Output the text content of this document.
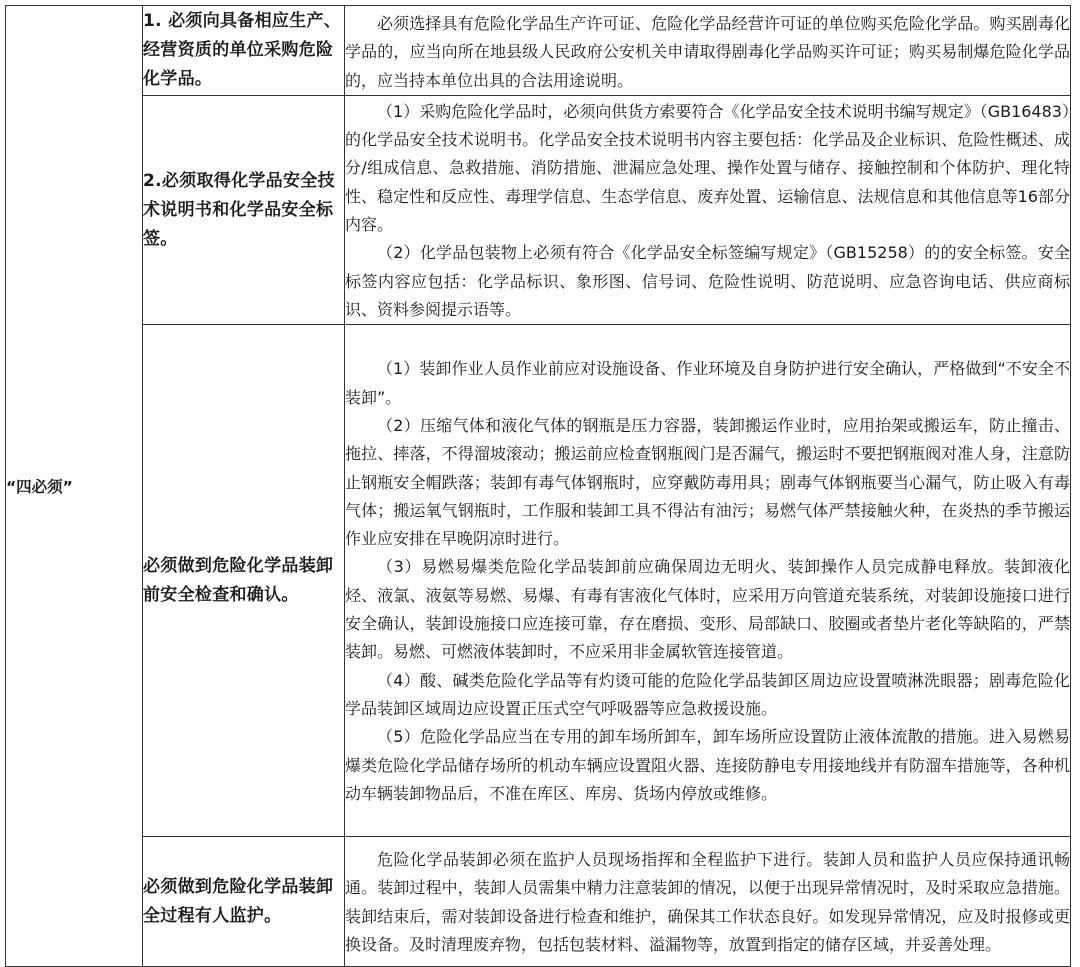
“四必须”	1. 必须向具备相应生产、经营资质的单位采购危险化学品。	必须选择具有危险化学品生产许可证、危险化学品经营许可证的单位购买危险化学品。购买剧毒化学品的，应当向所在地县级人民政府公安机关申请取得剧毒化学品购买许可证；购买易制爆危险化学品的，应当持本单位出具的合法用途说明。

	2.必须取得化学品安全技术说明书和化学品安全标签。	（1）采购危险化学品时，必须向供货方索要符合《化学品安全技术说明书编写规定》（GB16483）的化学品安全技术说明书。化学品安全技术说明书内容主要包括：化学品及企业标识、危险性概述、成分/组成信息、急救措施、消防措施、泄漏应急处理、操作处置与储存、接触控制和个体防护、理化特性、稳定性和反应性、毒理学信息、生态学信息、废弃处置、运输信息、法规信息和其他信息等16部分内容。

（2）化学品包装物上必须有符合《化学品安全标签编写规定》（GB15258）的的安全标签。安全标签内容应包括：化学品标识、象形图、信号词、危险性说明、防范说明、应急咨询电话、供应商标识、资料参阅提示语等。

	必须做到危险化学品装卸前安全检查和确认。	（1）装卸作业人员作业前应对设施设备、作业环境及自身防护进行安全确认，严格做到“不安全不装卸”。

（2）压缩气体和液化气体的钢瓶是压力容器，装卸搬运作业时，应用抬架或搬运车，防止撞击、拖拉、摔落，不得溜坡滚动；搬运前应检查钢瓶阀门是否漏气，搬运时不要把钢瓶阀对准人身，注意防止钢瓶安全帽跌落；装卸有毒气体钢瓶时，应穿戴防毒用具；剧毒气体钢瓶要当心漏气，防止吸入有毒气体；搬运氧气钢瓶时，工作服和装卸工具不得沾有油污；易燃气体严禁接触火种，在炎热的季节搬运作业应安排在早晚阴凉时进行。

（3）易燃易爆类危险化学品装卸前应确保周边无明火、装卸操作人员完成静电释放。装卸液化烃、液氯、液氨等易燃、易爆、有毒有害液化气体时，应采用万向管道充装系统，对装卸设施接口进行安全确认，装卸设施接口应连接可靠，存在磨损、变形、局部缺口、胶圈或者垫片老化等缺陷的，严禁装卸。易燃、可燃液体装卸时，不应采用非金属软管连接管道。

（4）酸、碱类危险化学品等有灼烫可能的危险化学品装卸区周边应设置喷淋洗眼器；剧毒危险化学品装卸区域周边应设置正压式空气呼吸器等应急救援设施。

（5）危险化学品应当在专用的卸车场所卸车，卸车场所应设置防止液体流散的措施。进入易燃易爆类危险化学品储存场所的机动车辆应设置阻火器、连接防静电专用接地线并有防溜车措施等，各种机动车辆装卸物品后，不准在库区、库房、货场内停放或维修。

	必须做到危险化学品装卸全过程有人监护。	危险化学品装卸必须在监护人员现场指挥和全程监护下进行。装卸人员和监护人员应保持通讯畅通。装卸过程中，装卸人员需集中精力注意装卸的情况，以便于出现异常情况时，及时采取应急措施。装卸结束后，需对装卸设备进行检查和维护，确保其工作状态良好。如发现异常情况，应及时报修或更换设备。及时清理废弃物，包括包装材料、溢漏物等，放置到指定的储存区域，并妥善处理。
